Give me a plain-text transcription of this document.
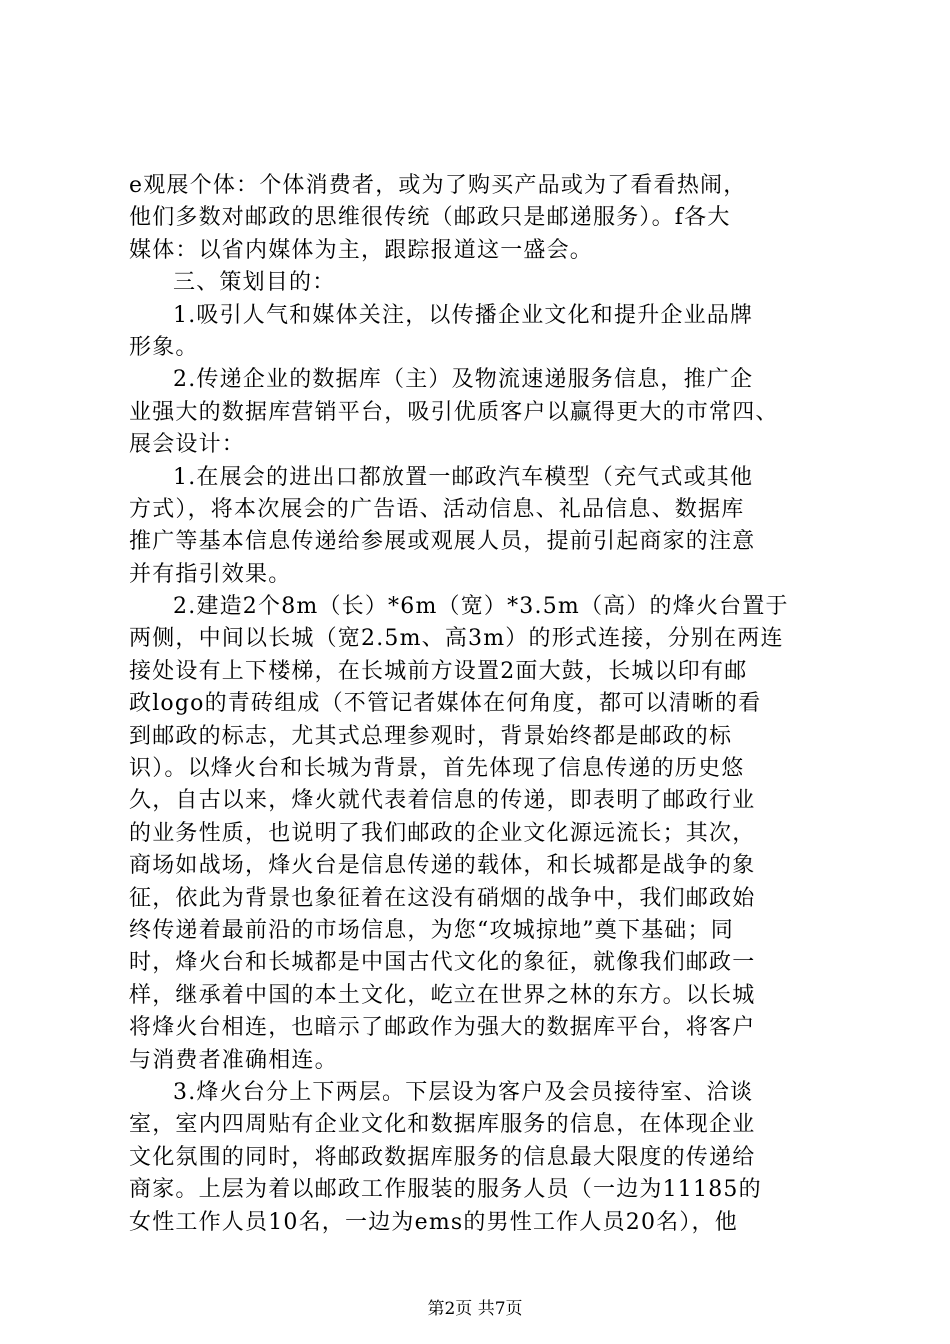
e观展个体：个体消费者，或为了购买产品或为了看看热闹，
他们多数对邮政的思维很传统（邮政只是邮递服务）。f各大
媒体：以省内媒体为主，跟踪报道这一盛会。
三、策划目的：
1.吸引人气和媒体关注，以传播企业文化和提升企业品牌
形象。
2.传递企业的数据库（主）及物流速递服务信息，推广企
业强大的数据库营销平台，吸引优质客户以赢得更大的市常四、
展会设计：
1.在展会的进出口都放置一邮政汽车模型（充气式或其他
方式），将本次展会的广告语、活动信息、礼品信息、数据库
推广等基本信息传递给参展或观展人员，提前引起商家的注意
并有指引效果。
2.建造2个8m（长）*6m（宽）*3.5m（高）的烽火台置于
两侧，中间以长城（宽2.5m、高3m）的形式连接，分别在两连
接处设有上下楼梯，在长城前方设置2面大鼓，长城以印有邮
政logo的青砖组成（不管记者媒体在何角度，都可以清晰的看
到邮政的标志，尤其式总理参观时，背景始终都是邮政的标
识）。以烽火台和长城为背景，首先体现了信息传递的历史悠
久，自古以来，烽火就代表着信息的传递，即表明了邮政行业
的业务性质，也说明了我们邮政的企业文化源远流长；其次，
商场如战场，烽火台是信息传递的载体，和长城都是战争的象
征，依此为背景也象征着在这没有硝烟的战争中，我们邮政始
终传递着最前沿的市场信息，为您“攻城掠地”奠下基础；同
时，烽火台和长城都是中国古代文化的象征，就像我们邮政一
样，继承着中国的本土文化，屹立在世界之林的东方。以长城
将烽火台相连，也暗示了邮政作为强大的数据库平台，将客户
与消费者准确相连。
3.烽火台分上下两层。下层设为客户及会员接待室、洽谈
室，室内四周贴有企业文化和数据库服务的信息，在体现企业
文化氛围的同时，将邮政数据库服务的信息最大限度的传递给
商家。上层为着以邮政工作服装的服务人员（一边为11185的
女性工作人员10名，一边为ems的男性工作人员20名），他
第2页 共7页
